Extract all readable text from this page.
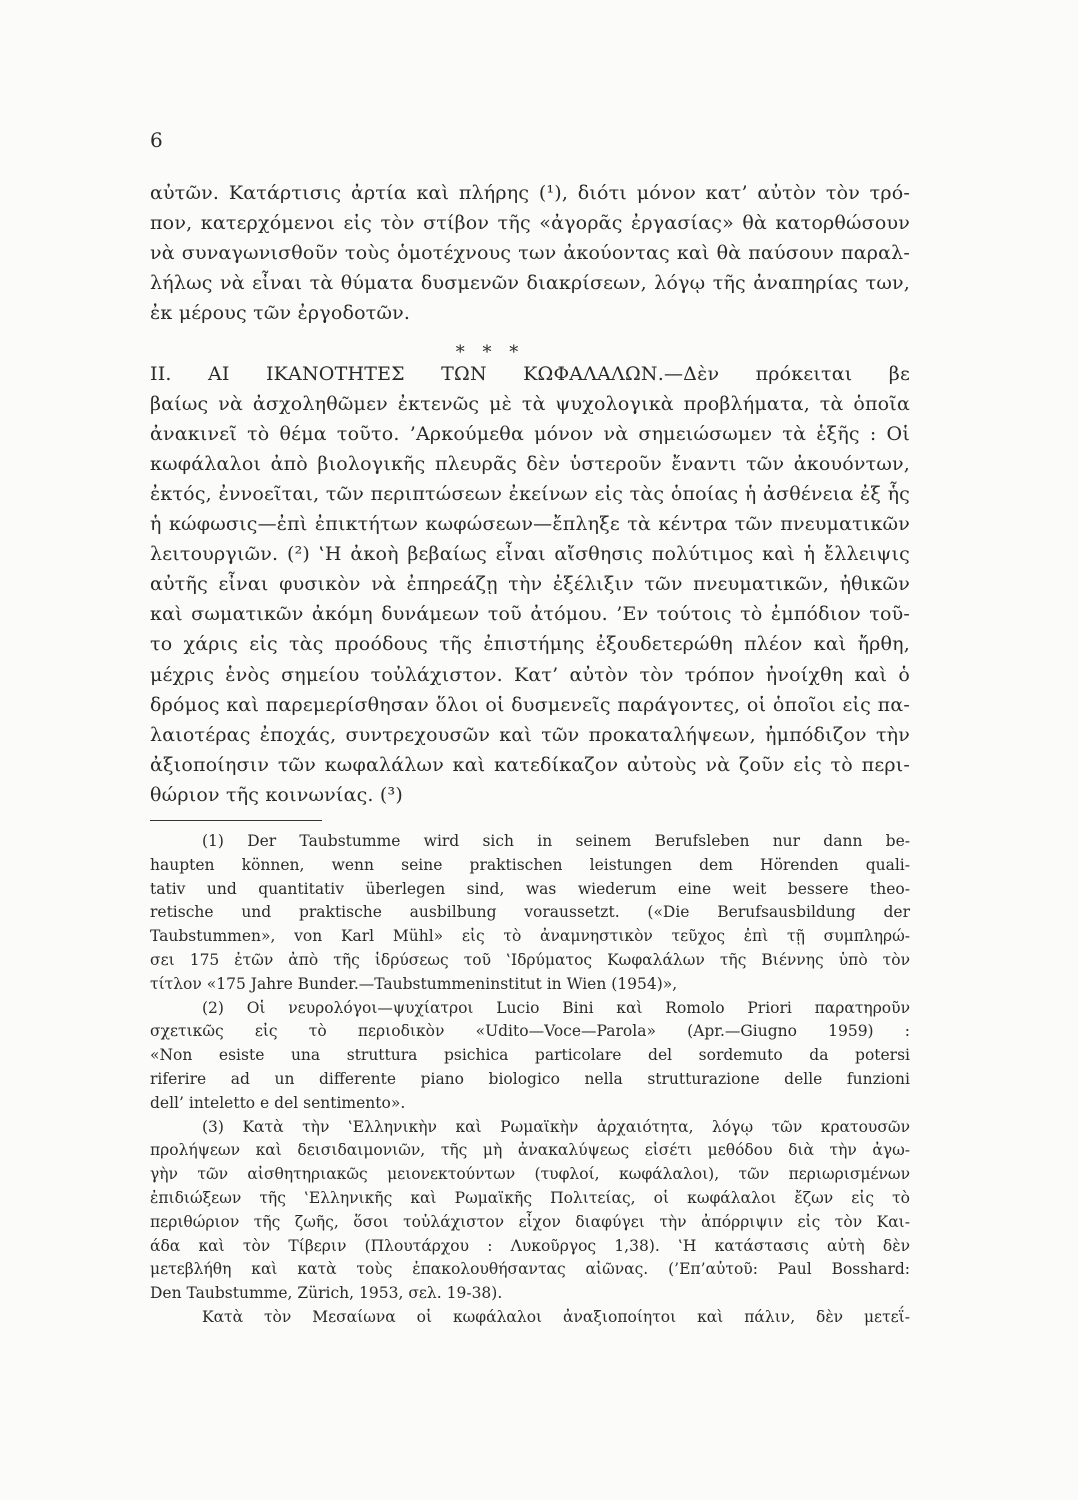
6
αὐτῶν. Κατάρτισις ἀρτία καὶ πλήρης (¹), διότι μόνον κατ’ αὐτὸν τὸν τρό-
πον, κατερχόμενοι εἰς τὸν στίβον τῆς «ἀγορᾶς ἐργασίας» θὰ κατορθώσουν
νὰ συναγωνισθοῦν τοὺς ὁμοτέχνους των ἀκούοντας καὶ θὰ παύσουν παραλ-
λήλως νὰ εἶναι τὰ θύματα δυσμενῶν διακρίσεων, λόγῳ τῆς ἀναπηρίας των,
ἐκ μέρους τῶν ἐργοδοτῶν.
II. ΑΙ ΙΚΑΝΟΤΗΤΕΣ ΤΩΝ ΚΩΦΑΛΑΛΩΝ.—Δὲν πρόκειται βε
βαίως νὰ ἀσχοληθῶμεν ἐκτενῶς μὲ τὰ ψυχολογικὰ προβλήματα, τὰ ὁποῖα
ἀνακινεῖ τὸ θέμα τοῦτο. ’Αρκούμεθα μόνον νὰ σημειώσωμεν τὰ ἑξῆς : Οἱ
κωφάλαλοι ἀπὸ βιολογικῆς πλευρᾶς δὲν ὑστεροῦν ἔναντι τῶν ἀκουόντων,
ἐκτός, ἐννοεῖται, τῶν περιπτώσεων ἐκείνων εἰς τὰς ὁποίας ἡ ἀσθένεια ἐξ ἧς
ἡ κώφωσις—ἐπὶ ἐπικτήτων κωφώσεων—ἔπληξε τὰ κέντρα τῶν πνευματικῶν
λειτουργιῶν. (²) ‛Η ἀκοὴ βεβαίως εἶναι αἴσθησις πολύτιμος καὶ ἡ ἔλλειψις
αὐτῆς εἶναι φυσικὸν νὰ ἐπηρεάζῃ τὴν ἐξέλιξιν τῶν πνευματικῶν, ἠθικῶν
καὶ σωματικῶν ἀκόμη δυνάμεων τοῦ ἀτόμου. ’Εν τούτοις τὸ ἐμπόδιον τοῦ-
το χάρις εἰς τὰς προόδους τῆς ἐπιστήμης ἐξουδετερώθη πλέον καὶ ἤρθη,
μέχρις ἑνὸς σημείου τοὐλάχιστον. Κατ’ αὐτὸν τὸν τρόπον ἠνοίχθη καὶ ὁ
δρόμος καὶ παρεμερίσθησαν ὅλοι οἱ δυσμενεῖς παράγοντες, οἱ ὁποῖοι εἰς πα-
λαιοτέρας ἐποχάς, συντρεχουσῶν καὶ τῶν προκαταλήψεων, ἠμπόδιζον τὴν
ἀξιοποίησιν τῶν κωφαλάλων καὶ κατεδίκαζον αὐτοὺς νὰ ζοῦν εἰς τὸ περι-
θώριον τῆς κοινωνίας. (³)
* * *
(1) Der Taubstumme wird sich in seinem Berufsleben nur dann be-
haupten können, wenn seine praktischen leistungen dem Hörenden quali-
tativ und quantitativ überlegen sind, was wiederum eine weit bessere theo-
retische und praktische ausbilbung voraussetzt. («Die Berufsausbildung der
Taubstummen», von Karl Mühl» εἰς τὸ ἀναμνηστικὸν τεῦχος ἐπὶ τῇ συμπληρώ-
σει 175 ἐτῶν ἀπὸ τῆς ἱδρύσεως τοῦ ‛Ιδρύματος Κωφαλάλων τῆς Βιέννης ὑπὸ τὸν
τίτλον «175 Jahre Bunder.—Taubstummeninstitut in Wien (1954)»,
(2) Οἱ νευρολόγοι—ψυχίατροι Lucio Bini καὶ Romolo Priori παρατηροῦν
σχετικῶς εἰς τὸ περιοδικὸν «Udito—Voce—Parola» (Apr.—Giugno 1959) :
«Non esiste una struttura psichica particolare del sordemuto da potersi
riferire ad un differente piano biologico nella strutturazione delle funzioni
dell’ inteletto e del sentimento».
(3) Κατὰ τὴν ‛Ελληνικὴν καὶ Ρωμαϊκὴν ἀρχαιότητα, λόγῳ τῶν κρατουσῶν
προλήψεων καὶ δεισιδαιμονιῶν, τῆς μὴ ἀνακαλύψεως εἰσέτι μεθόδου διὰ τὴν ἀγω-
γὴν τῶν αἰσθητηριακῶς μειονεκτούντων (τυφλοί, κωφάλαλοι), τῶν περιωρισμένων
ἐπιδιώξεων τῆς ‛Ελληνικῆς καὶ Ρωμαϊκῆς Πολιτείας, οἱ κωφάλαλοι ἔζων εἰς τὸ
περιθώριον τῆς ζωῆς, ὅσοι τοὐλάχιστον εἶχον διαφύγει τὴν ἀπόρριψιν εἰς τὸν Και-
άδα καὶ τὸν Τίβεριν (Πλουτάρχου : Λυκοῦργος 1,38). ‛Η κατάστασις αὐτὴ δὲν
μετεβλήθη καὶ κατὰ τοὺς ἐπακολουθήσαντας αἰῶνας. (’Επ’αὐτοῦ: Paul Bosshard:
Den Taubstumme, Zürich, 1953, σελ. 19-38).
Κατὰ τὸν Μεσαίωνα οἱ κωφάλαλοι ἀναξιοποίητοι καὶ πάλιν, δὲν μετεΐ-
